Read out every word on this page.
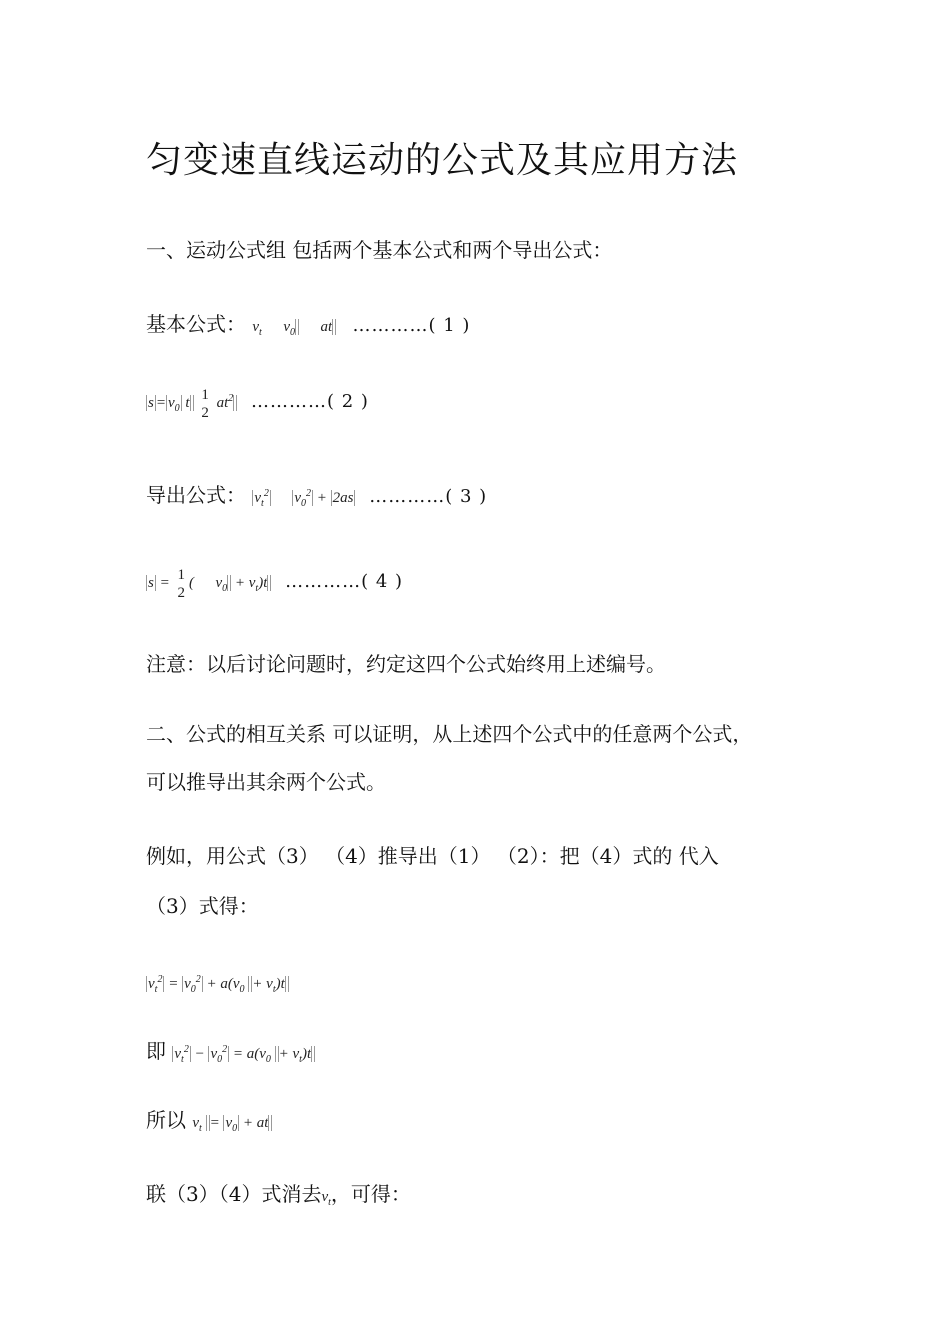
匀变速直线运动的公式及其应用方法
一、运动公式组 包括两个基本公式和两个导出公式：
基本公式： $v_t$  $v_0$  at …………( 1 )
$s = v_0$ t
1
2
$at^2$ …………( 2 )
导出公式： $v_t^2$ $v_0^2 + 2as$ …………( 3 )
s =
1
2
(  $v_0 + v_t)t$ …………( 4 )
注意：以后讨论问题时，约定这四个公式始终用上述编号。
二、公式的相互关系 可以证明，从上述四个公式中的任意两个公式，
可以推导出其余两个公式。
例如，用公式（3） （4）推导出（1） （2）：把（4）式的 代入
（3）式得：
$v_t^2 = v_0^2 + a(v_0 + v_t)t$
即 $v_t^2 - v_0^2 = a(v_0 + v_t)t$
所以 $v_t = v_0$ + at
联（3）（4）式消去$v_t$，可得：
